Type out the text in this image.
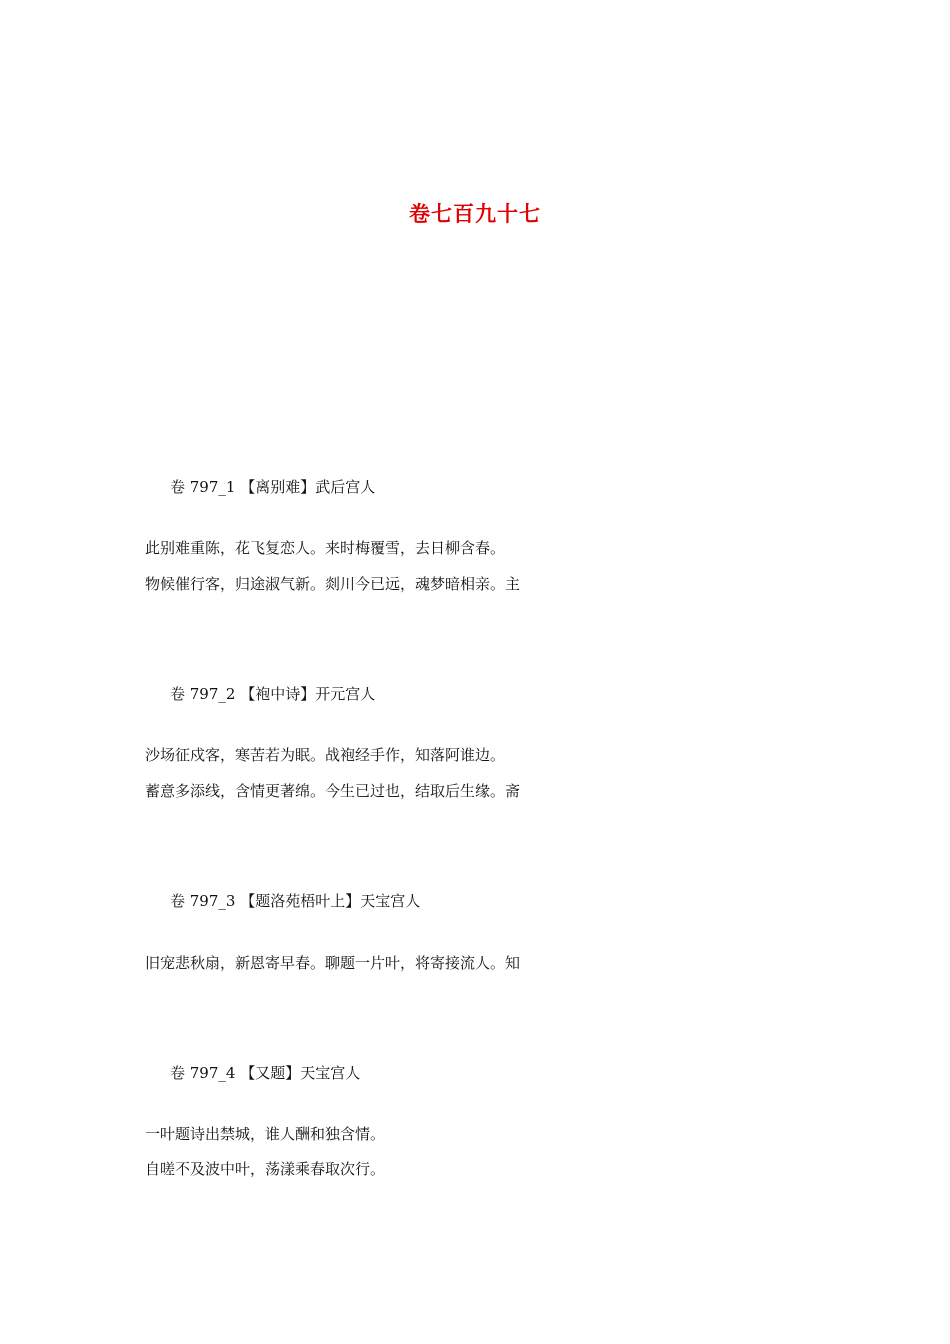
卷七百九十七
卷 797_1 【离别难】武后宫人
此别难重陈，花飞复恋人。来时梅覆雪，去日柳含春。
物候催行客，归途淑气新。剡川今已远，魂梦暗相亲。主
卷 797_2 【袍中诗】开元宫人
沙场征戍客，寒苦若为眠。战袍经手作，知落阿谁边。
蓄意多添线，含情更著绵。今生已过也，结取后生缘。斋
卷 797_3 【题洛苑梧叶上】天宝宫人
旧宠悲秋扇，新恩寄早春。聊题一片叶，将寄接流人。知
卷 797_4 【又题】天宝宫人
一叶题诗出禁城，谁人酬和独含情。
自嗟不及波中叶，荡漾乘春取次行。
